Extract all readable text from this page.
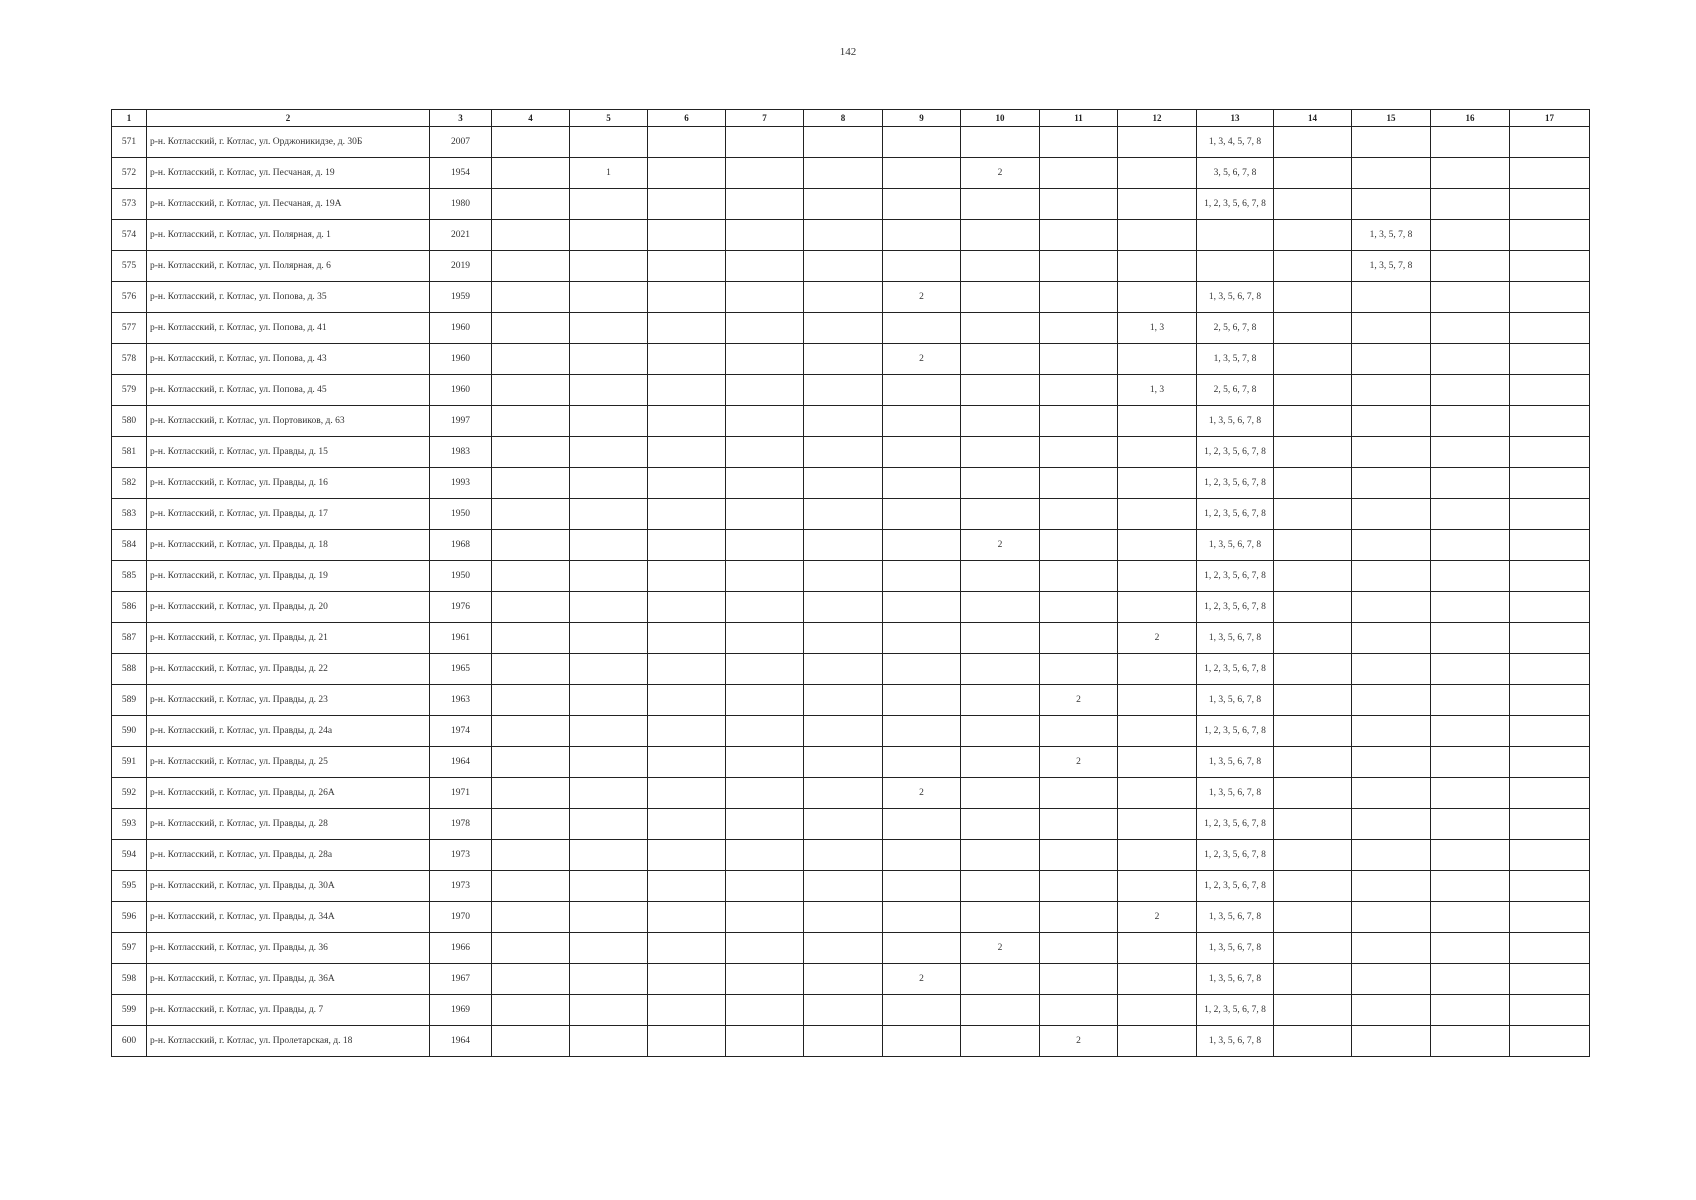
142
1	2	3	4	5	6	7	8	9	10	11	12	13	14	15	16	17
571	р-н. Котласский, г. Котлас, ул. Орджоникидзе, д. 30Б	2007										1, 3, 4, 5, 7, 8				
572	р-н. Котласский, г. Котлас, ул. Песчаная, д. 19	1954		1					2			3, 5, 6, 7, 8				
573	р-н. Котласский, г. Котлас, ул. Песчаная, д. 19А	1980										1, 2, 3, 5, 6, 7, 8				
574	р-н. Котласский, г. Котлас, ул. Полярная, д. 1	2021												1, 3, 5, 7, 8		
575	р-н. Котласский, г. Котлас, ул. Полярная, д. 6	2019												1, 3, 5, 7, 8		
576	р-н. Котласский, г. Котлас, ул. Попова, д. 35	1959						2				1, 3, 5, 6, 7, 8				
577	р-н. Котласский, г. Котлас, ул. Попова, д. 41	1960									1, 3	2, 5, 6, 7, 8				
578	р-н. Котласский, г. Котлас, ул. Попова, д. 43	1960						2				1, 3, 5, 7, 8				
579	р-н. Котласский, г. Котлас, ул. Попова, д. 45	1960									1, 3	2, 5, 6, 7, 8				
580	р-н. Котласский, г. Котлас, ул. Портовиков, д. 63	1997										1, 3, 5, 6, 7, 8				
581	р-н. Котласский, г. Котлас, ул. Правды, д. 15	1983										1, 2, 3, 5, 6, 7, 8				
582	р-н. Котласский, г. Котлас, ул. Правды, д. 16	1993										1, 2, 3, 5, 6, 7, 8				
583	р-н. Котласский, г. Котлас, ул. Правды, д. 17	1950										1, 2, 3, 5, 6, 7, 8				
584	р-н. Котласский, г. Котлас, ул. Правды, д. 18	1968							2			1, 3, 5, 6, 7, 8				
585	р-н. Котласский, г. Котлас, ул. Правды, д. 19	1950										1, 2, 3, 5, 6, 7, 8				
586	р-н. Котласский, г. Котлас, ул. Правды, д. 20	1976										1, 2, 3, 5, 6, 7, 8				
587	р-н. Котласский, г. Котлас, ул. Правды, д. 21	1961									2	1, 3, 5, 6, 7, 8				
588	р-н. Котласский, г. Котлас, ул. Правды, д. 22	1965										1, 2, 3, 5, 6, 7, 8				
589	р-н. Котласский, г. Котлас, ул. Правды, д. 23	1963								2		1, 3, 5, 6, 7, 8				
590	р-н. Котласский, г. Котлас, ул. Правды, д. 24а	1974										1, 2, 3, 5, 6, 7, 8				
591	р-н. Котласский, г. Котлас, ул. Правды, д. 25	1964								2		1, 3, 5, 6, 7, 8				
592	р-н. Котласский, г. Котлас, ул. Правды, д. 26А	1971						2				1, 3, 5, 6, 7, 8				
593	р-н. Котласский, г. Котлас, ул. Правды, д. 28	1978										1, 2, 3, 5, 6, 7, 8				
594	р-н. Котласский, г. Котлас, ул. Правды, д. 28а	1973										1, 2, 3, 5, 6, 7, 8				
595	р-н. Котласский, г. Котлас, ул. Правды, д. 30А	1973										1, 2, 3, 5, 6, 7, 8				
596	р-н. Котласский, г. Котлас, ул. Правды, д. 34А	1970									2	1, 3, 5, 6, 7, 8				
597	р-н. Котласский, г. Котлас, ул. Правды, д. 36	1966							2			1, 3, 5, 6, 7, 8				
598	р-н. Котласский, г. Котлас, ул. Правды, д. 36А	1967						2				1, 3, 5, 6, 7, 8				
599	р-н. Котласский, г. Котлас, ул. Правды, д. 7	1969										1, 2, 3, 5, 6, 7, 8				
600	р-н. Котласский, г. Котлас, ул. Пролетарская, д. 18	1964								2		1, 3, 5, 6, 7, 8				
